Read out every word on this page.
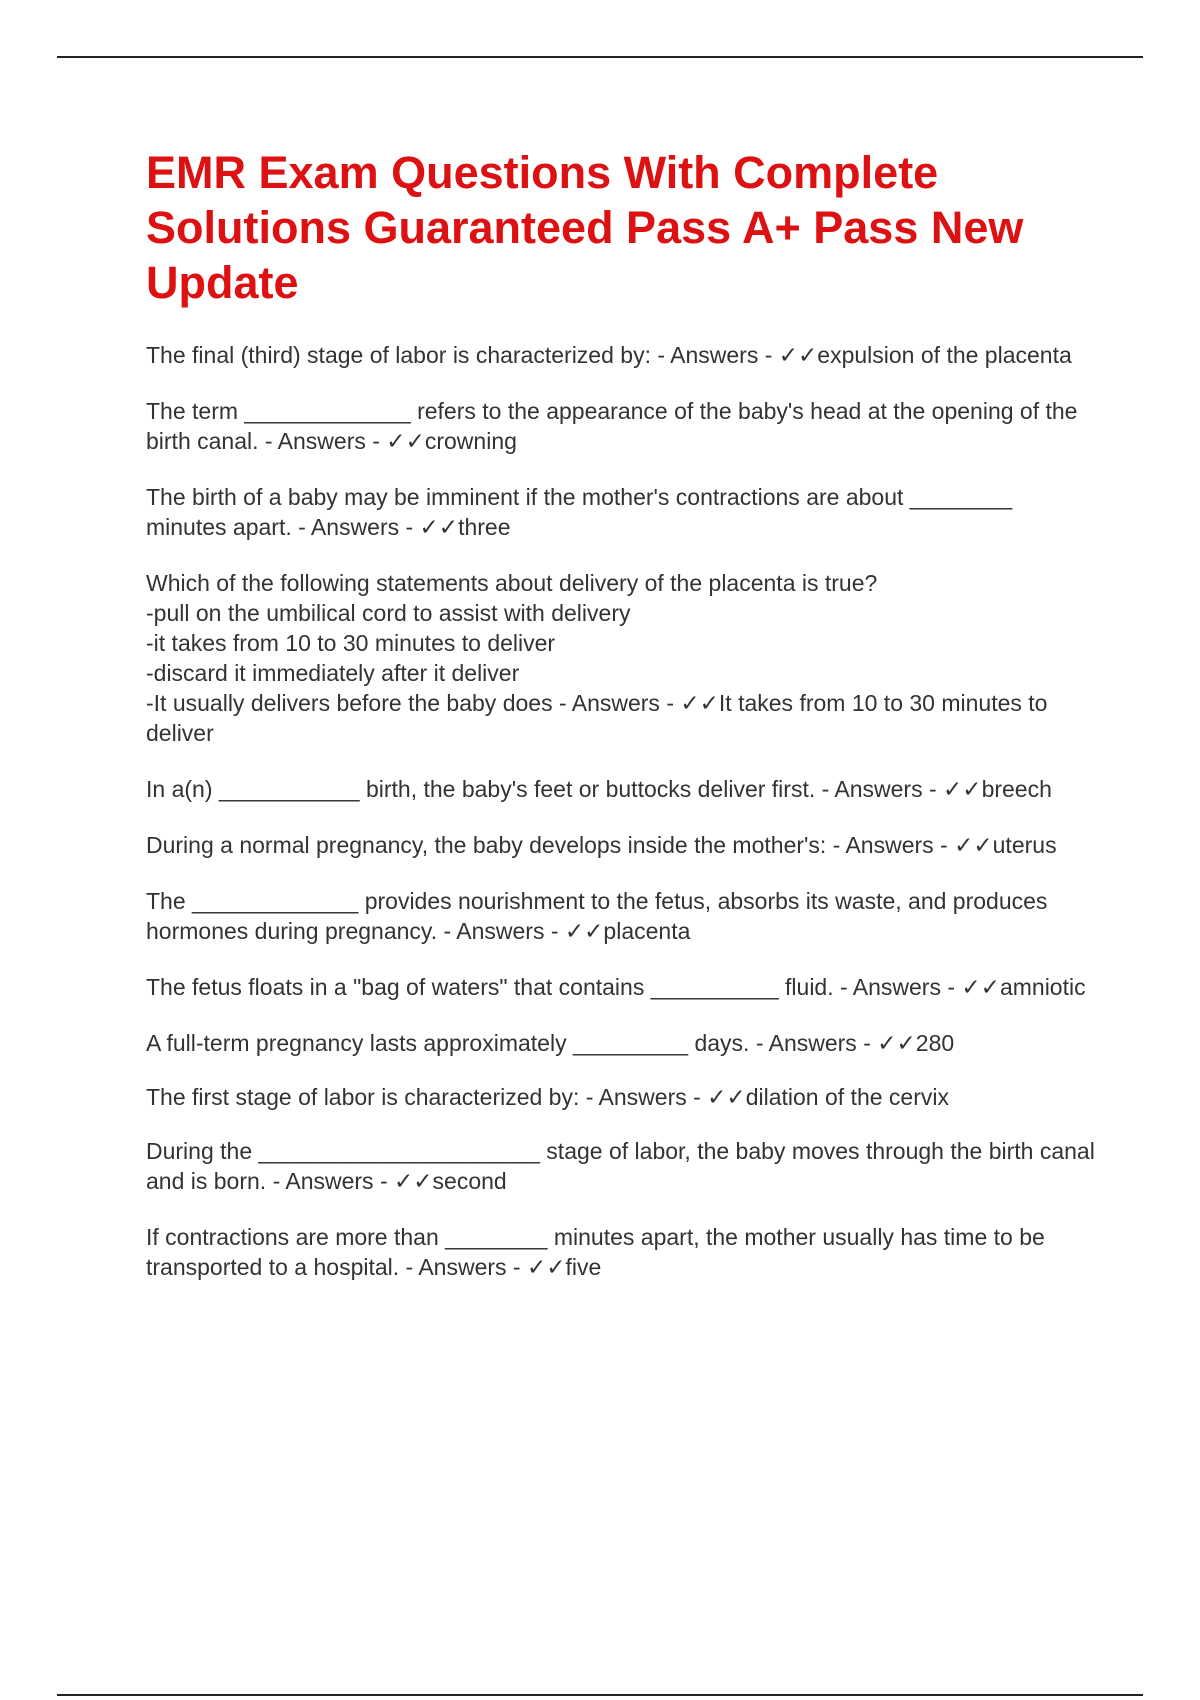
EMR Exam Questions With Complete Solutions Guaranteed Pass A+ Pass New Update

The final (third) stage of labor is characterized by: - Answers - ✓✓expulsion of the placenta

The term _____________ refers to the appearance of the baby's head at the opening of the birth canal. - Answers - ✓✓crowning

The birth of a baby may be imminent if the mother's contractions are about ________ minutes apart. - Answers - ✓✓three

Which of the following statements about delivery of the placenta is true?
-pull on the umbilical cord to assist with delivery
-it takes from 10 to 30 minutes to deliver
-discard it immediately after it deliver
-It usually delivers before the baby does - Answers - ✓✓It takes from 10 to 30 minutes to deliver

In a(n) ___________ birth, the baby's feet or buttocks deliver first. - Answers - ✓✓breech

During a normal pregnancy, the baby develops inside the mother's: - Answers - ✓✓uterus

The _____________ provides nourishment to the fetus, absorbs its waste, and produces hormones during pregnancy. - Answers - ✓✓placenta

The fetus floats in a "bag of waters" that contains __________ fluid. - Answers - ✓✓amniotic

A full-term pregnancy lasts approximately _________ days. - Answers - ✓✓280

The first stage of labor is characterized by: - Answers - ✓✓dilation of the cervix

During the ______________________ stage of labor, the baby moves through the birth canal and is born. - Answers - ✓✓second

If contractions are more than ________ minutes apart, the mother usually has time to be transported to a hospital. - Answers - ✓✓five
